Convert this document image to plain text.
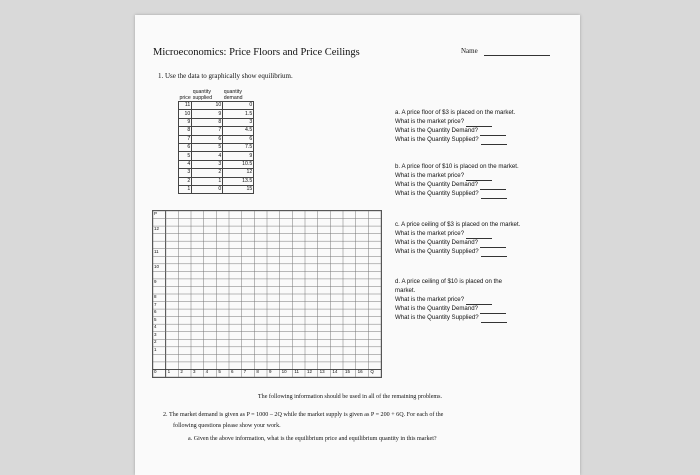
Microeconomics: Price Floors and Price Ceilings	Name
1. Use the data to graphically show equilibrium.
price	quantity supplied	quantity demand
11	10	0
10	9	1.5
9	8	3
8	7	4.5
7	6	6
6	5	7.5
5	4	9
4	3	10.5
3	2	12
2	1	13.5
1	0	15
a. A price floor of $3 is placed on the market.
What is the market price?
What is the Quantity Demand?
What is the Quantity Supplied?
b. A price floor of $10 is placed on the market.
What is the market price?
What is the Quantity Demand?
What is the Quantity Supplied?
c. A price ceiling of $3 is placed on the market.
What is the market price?
What is the Quantity Demand?
What is the Quantity Supplied?
d. A price ceiling of $10 is placed on the
market.
What is the market price?
What is the Quantity Demand?
What is the Quantity Supplied?
P
12
11
10
9
8
7
6
5
4
3
2
1
0 1 2 3 4 5 6 7 8 9 10 11 12 13 14 15 16 Q
The following information should be used in all of the remaining problems.
2. The market demand is given as P = 1000 – 2Q while the market supply is given as P = 200 + 6Q. For each of the
following questions please show your work.
a. Given the above information, what is the equilibrium price and equilibrium quantity in this market?
